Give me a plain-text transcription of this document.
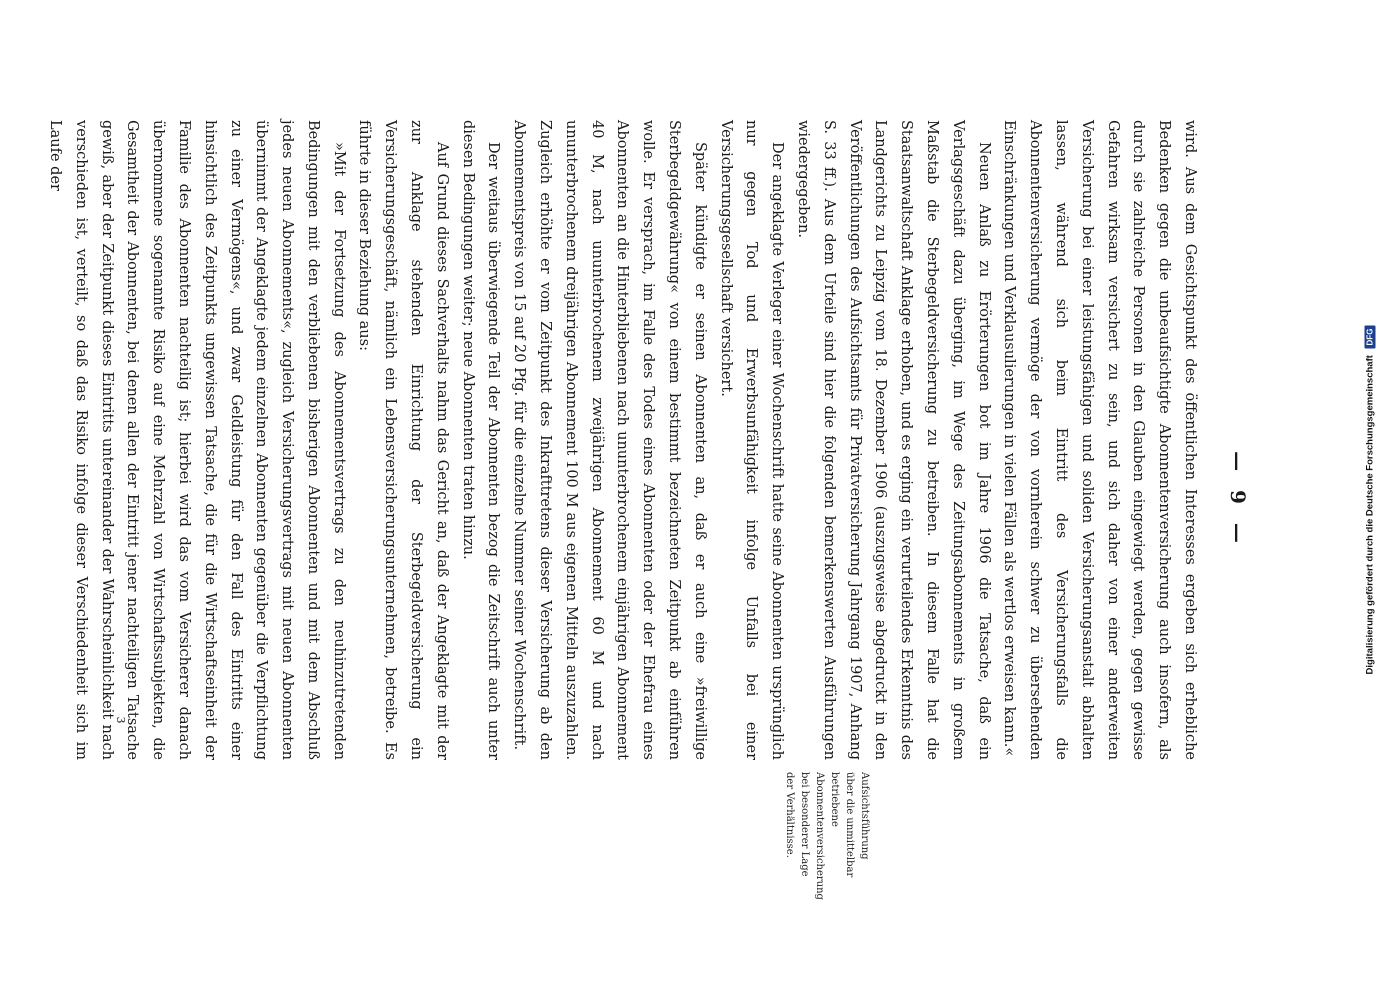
— 9 —

wird. Aus dem Gesichtspunkt des öffentlichen Interesses ergeben sich erhebliche Bedenken gegen die unbeaufsichtigte Abonnentenversicherung auch insofern, als durch sie zahlreiche Personen in den Glauben eingewiegt werden, gegen gewisse Gefahren wirksam versichert zu sein, und sich daher von einer anderweiten Versicherung bei einer leistungsfähigen und soliden Versicherungsanstalt abhalten lassen, während sich beim Eintritt des Versicherungsfalls die Abonnentenversicherung vermöge der von vornherein schwer zu übersehenden Einschränkungen und Verklausulierungen in vielen Fällen als wertlos erweisen kann.«

Neuen Anlaß zu Erörterungen bot im Jahre 1906 die Tatsache, daß ein Verlagsgeschäft dazu überging, im Wege des Zeitungsabonnements in großem Maßstab die Sterbegeldversicherung zu betreiben. In diesem Falle hat die Staatsanwaltschaft Anklage erhoben, und es erging ein verurteilendes Erkenntnis des Landgerichts zu Leipzig vom 18. Dezember 1906 (auszugsweise abgedruckt in den Veröffentlichungen des Aufsichtsamts für Privatversicherung Jahrgang 1907, Anhang S. 33 ff.). Aus dem Urteile sind hier die folgenden bemerkenswerten Ausführungen wiedergegeben.

Der angeklagte Verleger einer Wochenschrift hatte seine Abonnenten ursprünglich nur gegen Tod und Erwerbsunfähigkeit infolge Unfalls bei einer Versicherungsgesellschaft versichert.

Später kündigte er seinen Abonnenten an, daß er auch eine »freiwillige Sterbegeldgewährung« von einem bestimmt bezeichneten Zeitpunkt ab einführen wolle. Er versprach, im Falle des Todes eines Abonnenten oder der Ehefrau eines Abonnenten an die Hinterbliebenen nach ununterbrochenem einjährigen Abonnement 40 M, nach ununterbrochenem zweijährigen Abonnement 60 M und nach ununterbrochenem dreijährigen Abonnement 100 M aus eigenen Mitteln auszuzahlen. Zugleich erhöhte er vom Zeitpunkt des Inkrafttretens dieser Versicherung ab den Abonnementspreis von 15 auf 20 Pfg. für die einzelne Nummer seiner Wochenschrift.

Der weitaus überwiegende Teil der Abonnenten bezog die Zeitschrift auch unter diesen Bedingungen weiter; neue Abonnenten traten hinzu.

Auf Grund dieses Sachverhalts nahm das Gericht an, daß der Angeklagte mit der zur Anklage stehenden Einrichtung der Sterbegeldversicherung ein Versicherungsgeschäft, nämlich ein Lebensversicherungsunternehmen, betreibe. Es führte in dieser Beziehung aus:

»Mit der Fortsetzung des Abonnementsvertrags zu den neuhinzutretenden Bedingungen mit den verbliebenen bisherigen Abonnenten und mit dem Abschluß jedes neuen Abonnements«, zugleich Versicherungsvertrags mit neuen Abonnenten übernimmt der Angeklagte jedem einzelnen Abonnenten gegenüber die Verpflichtung zu einer Vermögens«, und zwar Geldleistung für den Fall des Eintritts einer hinsichtlich des Zeitpunkts ungewissen Tatsache, die für die Wirtschaftseinheit der Familie des Abonnenten nachteilig ist; hierbei wird das vom Versicherer danach übernommene sogenannte Risiko auf eine Mehrzahl von Wirtschaftssubjekten, die Gesamtheit der Abonnenten, bei denen allen der Eintritt jener nachteiligen Tatsache gewiß, aber der Zeitpunkt dieses Eintritts untereinander der Wahrscheinlichkeit nach verschieden ist, verteilt, so daß das Risiko infolge dieser Verschiedenheit sich im Laufe der

Aufsichtsführung über die unmittelbar betriebene Abonnentenversicherung bei besonderer Lage der Verhältnisse.
3
Digitalisierung gefördert durch die Deutsche Forschungsgemeinschaft DFG
